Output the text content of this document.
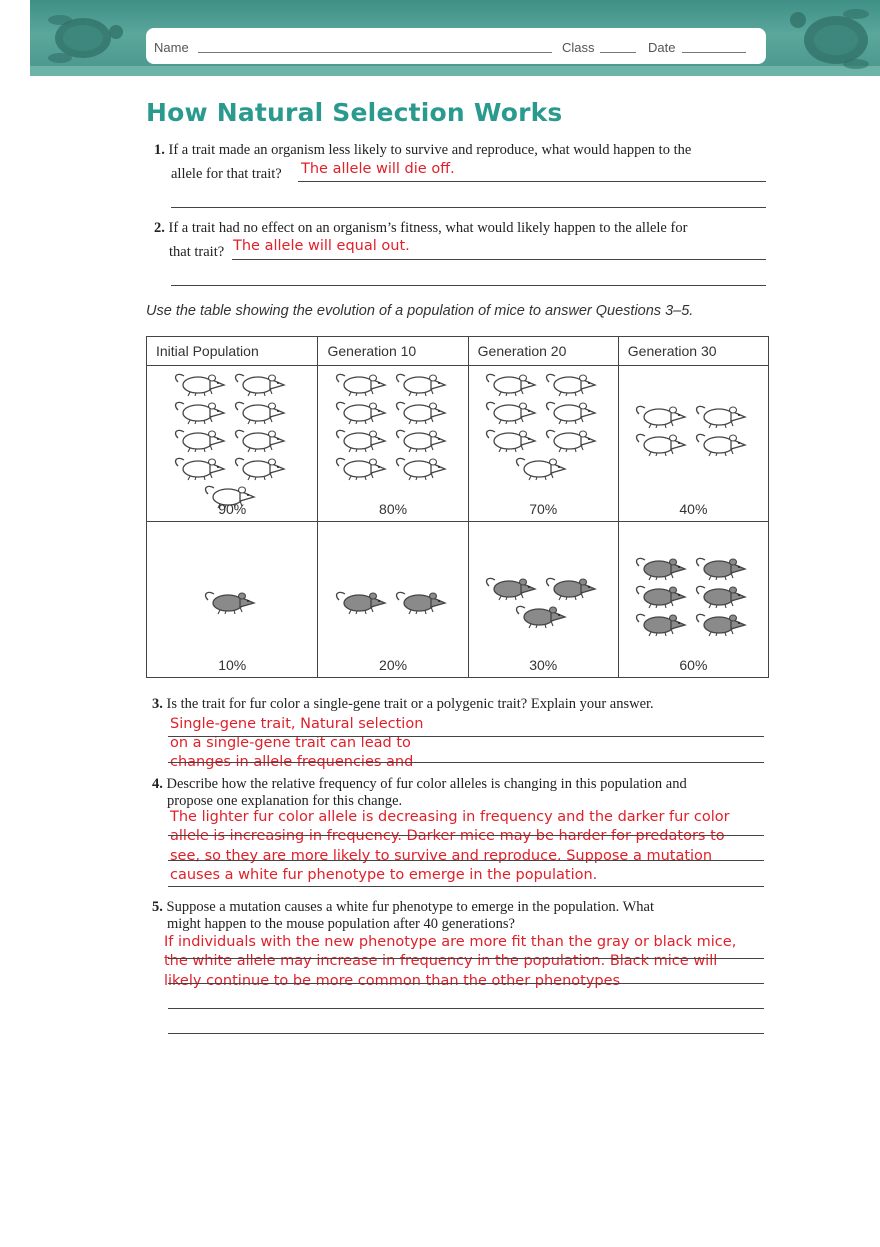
Name	Class	Date
How Natural Selection Works
1. If a trait made an organism less likely to survive and reproduce, what would happen to the
allele for that trait? The allele will die off.
2. If a trait had no effect on an organism’s fitness, what would likely happen to the allele for
that trait? The allele will equal out.
Use the table showing the evolution of a population of mice to answer Questions 3–5.
Initial Population	Generation 10	Generation 20	Generation 30

90%	80%	70%	40%

10%	20%	30%	60%
3. Is the trait for fur color a single-gene trait or a polygenic trait? Explain your answer.
Single-gene trait, Natural selection
on a single-gene trait can lead to
changes in allele frequencies and
4. Describe how the relative frequency of fur color alleles is changing in this population and
propose one explanation for this change.
The lighter fur color allele is decreasing in frequency and the darker fur color
allele is increasing in frequency. Darker mice may be harder for predators to
see, so they are more likely to survive and reproduce. Suppose a mutation
causes a white fur phenotype to emerge in the population.
5. Suppose a mutation causes a white fur phenotype to emerge in the population. What
might happen to the mouse population after 40 generations?
If individuals with the new phenotype are more fit than the gray or black mice,
the white allele may increase in frequency in the population. Black mice will
likely continue to be more common than the other phenotypes
